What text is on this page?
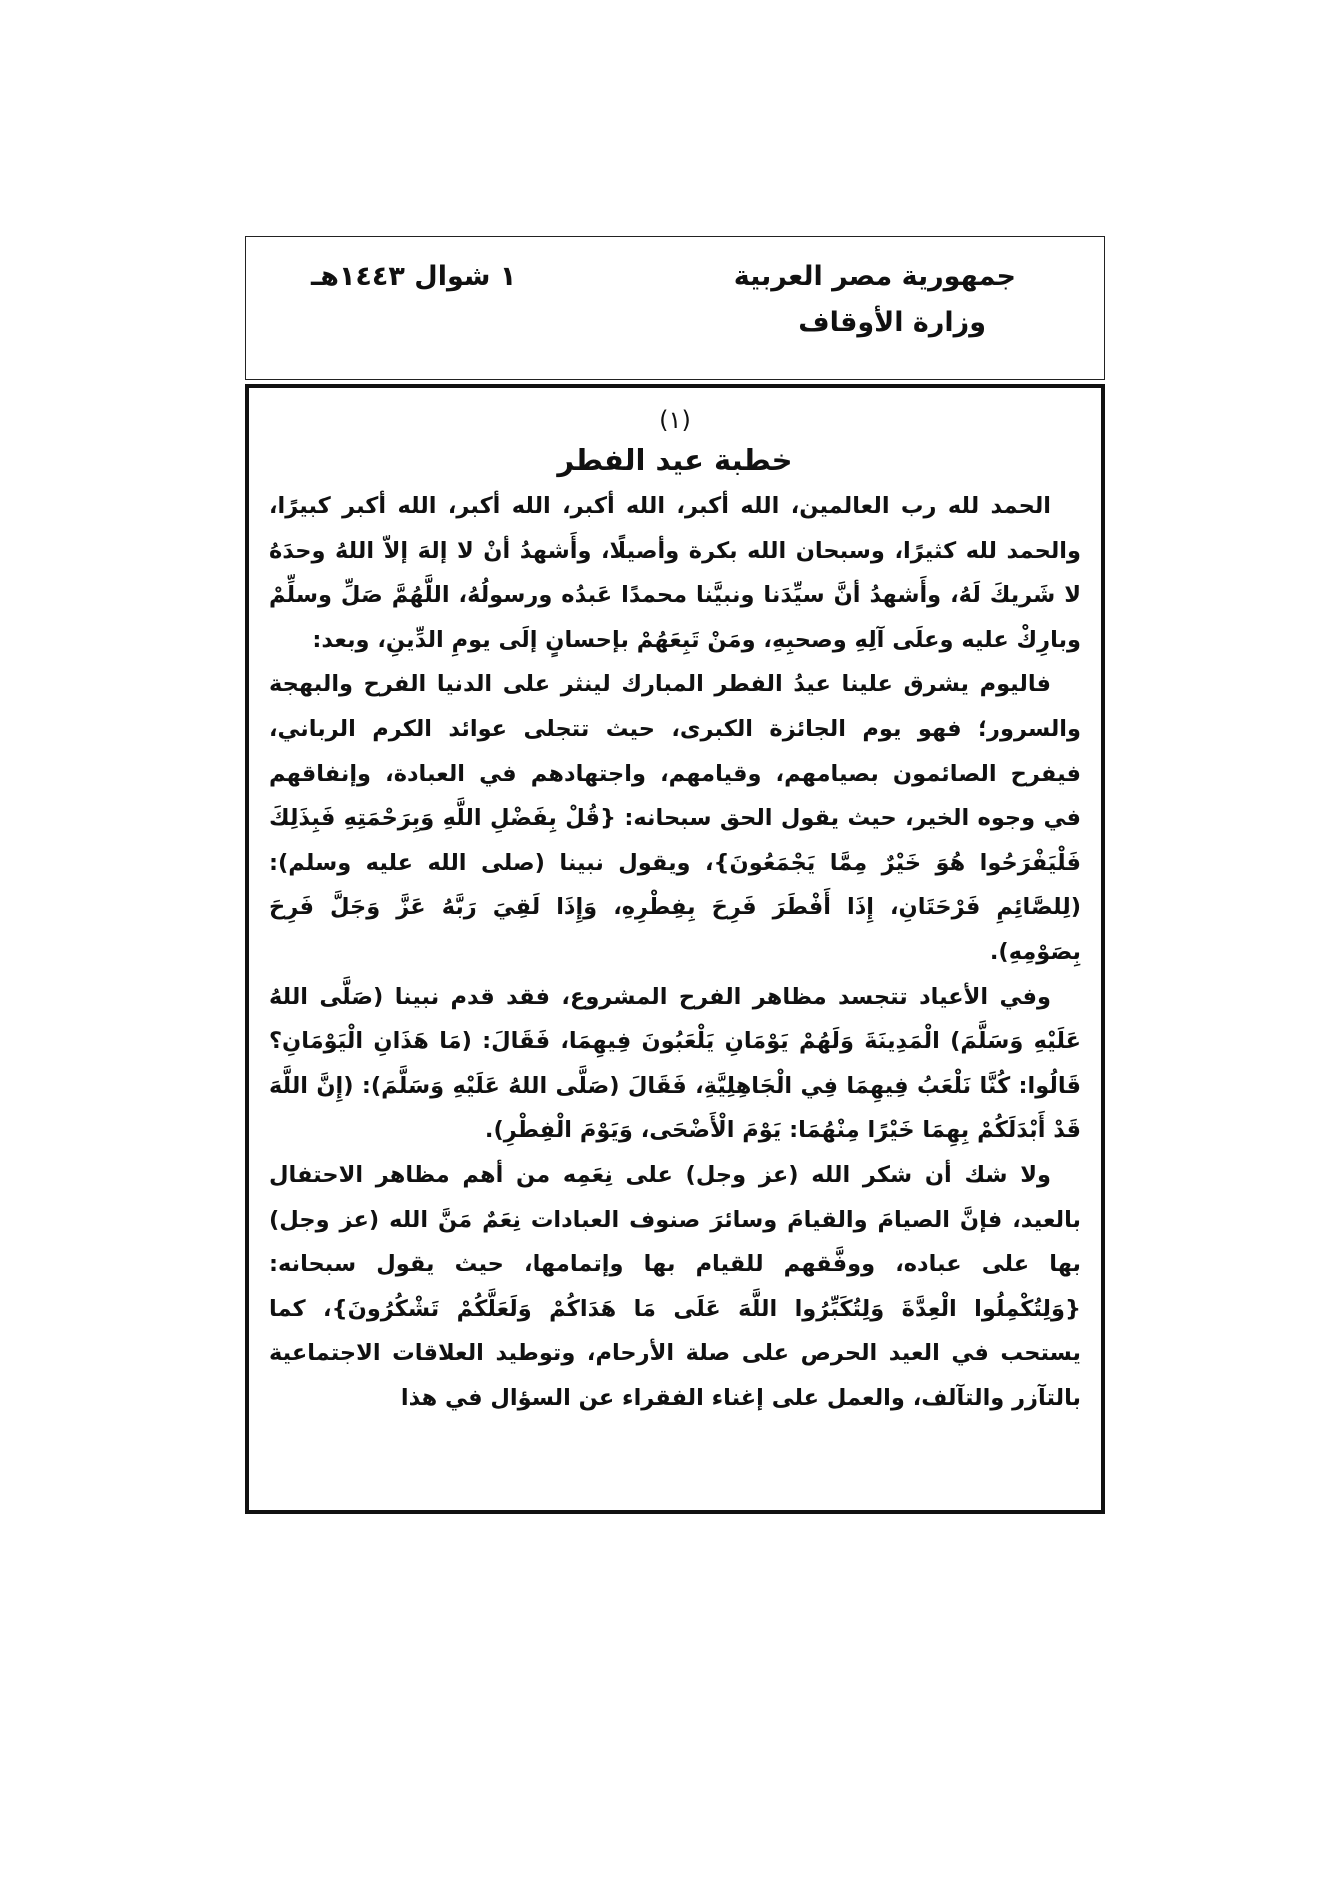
جمهورية مصر العربية
وزارة الأوقاف
١ شوال ١٤٤٣هـ
(١)
خطبة عيد الفطر

الحمد لله رب العالمين، الله أكبر، الله أكبر، الله أكبر، الله أكبر كبيرًا، والحمد لله كثيرًا، وسبحان الله بكرة وأصيلًا، وأَشهدُ أنْ لا إلهَ إلاّ اللهُ وحدَهُ لا شَريكَ لَهُ، وأَشهدُ أنَّ سيِّدَنا ونبيَّنا محمدًا عَبدُه ورسولُهُ، اللَّهُمَّ صَلِّ وسلِّمْ وبارِكْ عليه وعلَى آلِهِ وصحبِهِ، ومَنْ تَبِعَهُمْ بإحسانٍ إلَى يومِ الدِّينِ، وبعد:

فاليوم يشرق علينا عيدُ الفطر المبارك لينثر على الدنيا الفرح والبهجة والسرور؛ فهو يوم الجائزة الكبرى، حيث تتجلى عوائد الكرم الرباني، فيفرح الصائمون بصيامهم، وقيامهم، واجتهادهم في العبادة، وإنفاقهم في وجوه الخير، حيث يقول الحق سبحانه: {قُلْ بِفَضْلِ اللَّهِ وَبِرَحْمَتِهِ فَبِذَلِكَ فَلْيَفْرَحُوا هُوَ خَيْرٌ مِمَّا يَجْمَعُونَ}، ويقول نبينا (صلى الله عليه وسلم): (لِلصَّائِمِ فَرْحَتَانِ، إِذَا أَفْطَرَ فَرِحَ بِفِطْرِهِ، وَإِذَا لَقِيَ رَبَّهُ عَزَّ وَجَلَّ فَرِحَ بِصَوْمِهِ).

وفي الأعياد تتجسد مظاهر الفرح المشروع، فقد قدم نبينا (صَلَّى اللهُ عَلَيْهِ وَسَلَّمَ) الْمَدِينَةَ وَلَهُمْ يَوْمَانِ يَلْعَبُونَ فِيهِمَا، فَقَالَ: (مَا هَذَانِ الْيَوْمَانِ؟ قَالُوا: كُنَّا نَلْعَبُ فِيهِمَا فِي الْجَاهِلِيَّةِ، فَقَالَ (صَلَّى اللهُ عَلَيْهِ وَسَلَّمَ): (إِنَّ اللَّهَ قَدْ أَبْدَلَكُمْ بِهِمَا خَيْرًا مِنْهُمَا: يَوْمَ الْأَضْحَى، وَيَوْمَ الْفِطْرِ).

ولا شك أن شكر الله (عز وجل) على نِعَمِه من أهم مظاهر الاحتفال بالعيد، فإنَّ الصيامَ والقيامَ وسائرَ صنوف العبادات نِعَمٌ مَنَّ الله (عز وجل) بها على عباده، ووفَّقهم للقيام بها وإتمامها، حيث يقول سبحانه: {وَلِتُكْمِلُوا الْعِدَّةَ وَلِتُكَبِّرُوا اللَّهَ عَلَى مَا هَدَاكُمْ وَلَعَلَّكُمْ تَشْكُرُونَ}، كما يستحب في العيد الحرص على صلة الأرحام، وتوطيد العلاقات الاجتماعية بالتآزر والتآلف، والعمل على إغناء الفقراء عن السؤال في هذا
